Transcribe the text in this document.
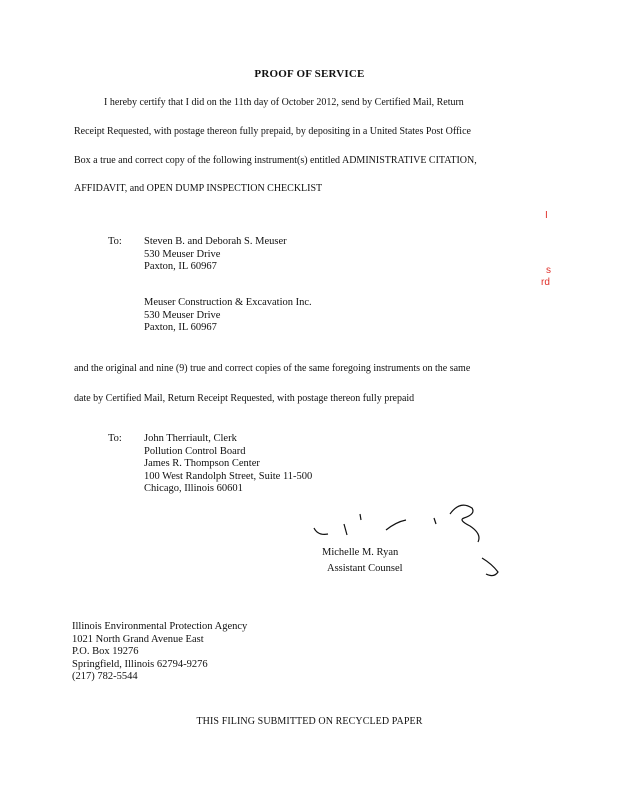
PROOF OF SERVICE
I hereby certify that I did on the 11th day of October 2012, send by Certified Mail, Return
Receipt Requested, with postage thereon fully prepaid, by depositing in a United States Post Office
Box a true and correct copy of the following instrument(s) entitled ADMINISTRATIVE CITATION,
AFFIDAVIT, and OPEN DUMP INSPECTION CHECKLIST
I
s
rd
To: Steven B. and Deborah S. Meuser
530 Meuser Drive
Paxton, IL 60967
Meuser Construction & Excavation Inc.
530 Meuser Drive
Paxton, IL 60967
and the original and nine (9) true and correct copies of the same foregoing instruments on the same
date by Certified Mail, Return Receipt Requested, with postage thereon fully prepaid
To: John Therriault, Clerk
Pollution Control Board
James R. Thompson Center
100 West Randolph Street, Suite 11-500
Chicago, Illinois 60601
Michelle M. Ryan
Assistant Counsel
Illinois Environmental Protection Agency
1021 North Grand Avenue East
P.O. Box 19276
Springfield, Illinois 62794-9276
(217) 782-5544
THIS FILING SUBMITTED ON RECYCLED PAPER
